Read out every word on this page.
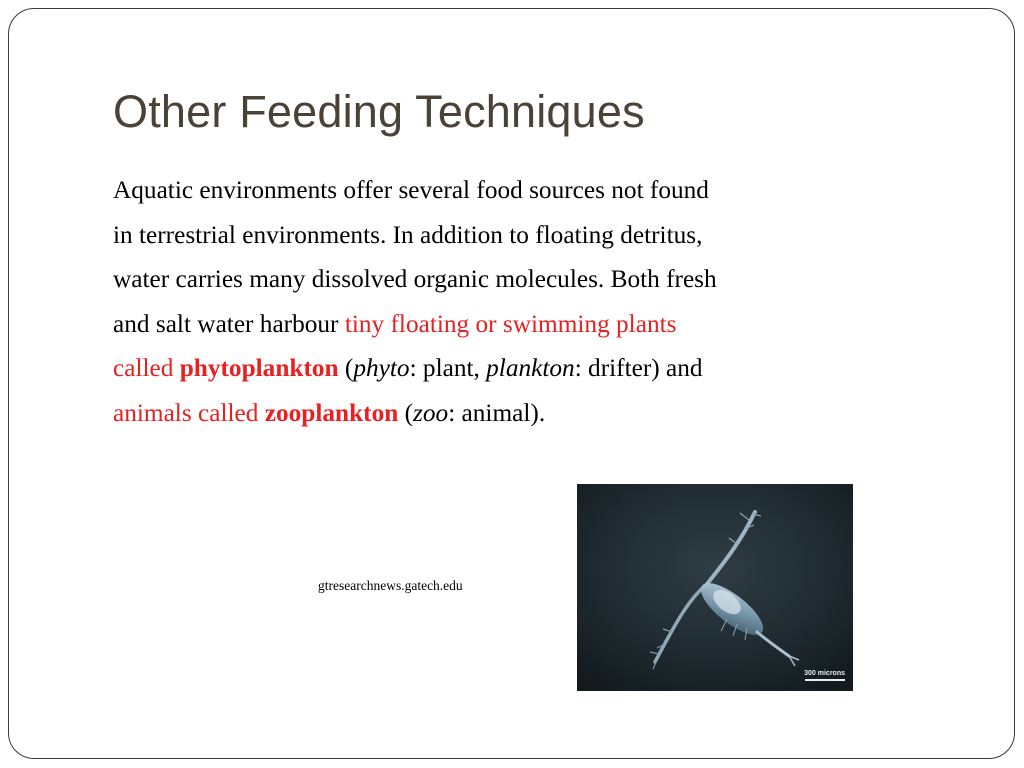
Other Feeding Techniques
Aquatic environments offer several food sources not found
in terrestrial environments. In addition to floating detritus,
water carries many dissolved organic molecules. Both fresh
and salt water harbour tiny floating or swimming plants
called phytoplankton (phyto: plant, plankton: drifter) and
animals called zooplankton (zoo: animal).
gtresearchnews.gatech.edu
300 microns
